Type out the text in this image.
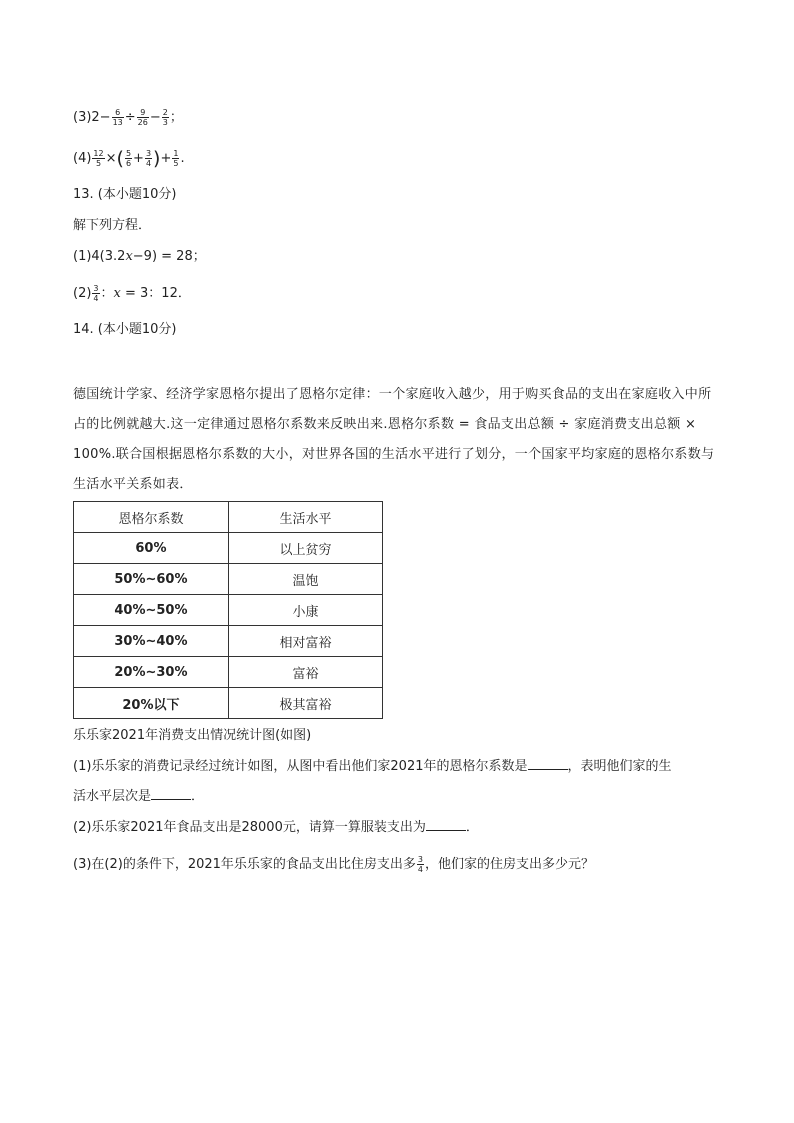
$(3)2- \frac{6}{13} \div \frac{9}{26} - \frac{2}{3}$ ；
$(4) \frac{12}{5}$ ×( $\frac{5}{6} + \frac{3}{4}$ )+ $\frac{1}{5}$ .
13. (本小题10分)
解下列方程．
(1)4(3.2x−9) = 28；
$(2) \frac{3}{4}$ ：x = 3：12．
14. (本小题10分)
德国统计学家、经济学家恩格尔提出了恩格尔定律：一个家庭收入越少，用于购买食品的支出在家庭收入中所占的比例就越大.这一定律通过恩格尔系数来反映出来.恩格尔系数 = 食品支出总额 ÷ 家庭消费支出总额 × 100%.联合国根据恩格尔系数的大小，对世界各国的生活水平进行了划分，一个国家平均家庭的恩格尔系数与生活水平关系如表．
恩格尔系数	生活水平
60%	以上贫穷
50%∼60%	温饱
40%∼50%	小康
30%∼40%	相对富裕
20%∼30%	富裕
20%以下	极其富裕
乐乐家2021年消费支出情况统计图(如图)
(1)乐乐家的消费记录经过统计如图，从图中看出他们家2021年的恩格尔系数是	，表明他们家的生
活水平层次是	．
(2)乐乐家2021年食品支出是28000元，请算一算服装支出为	．
(3)在(2)的条件下，2021年乐乐家的食品支出比住房支出多 $\frac{3}{4}$ ，他们家的住房支出多少元？
